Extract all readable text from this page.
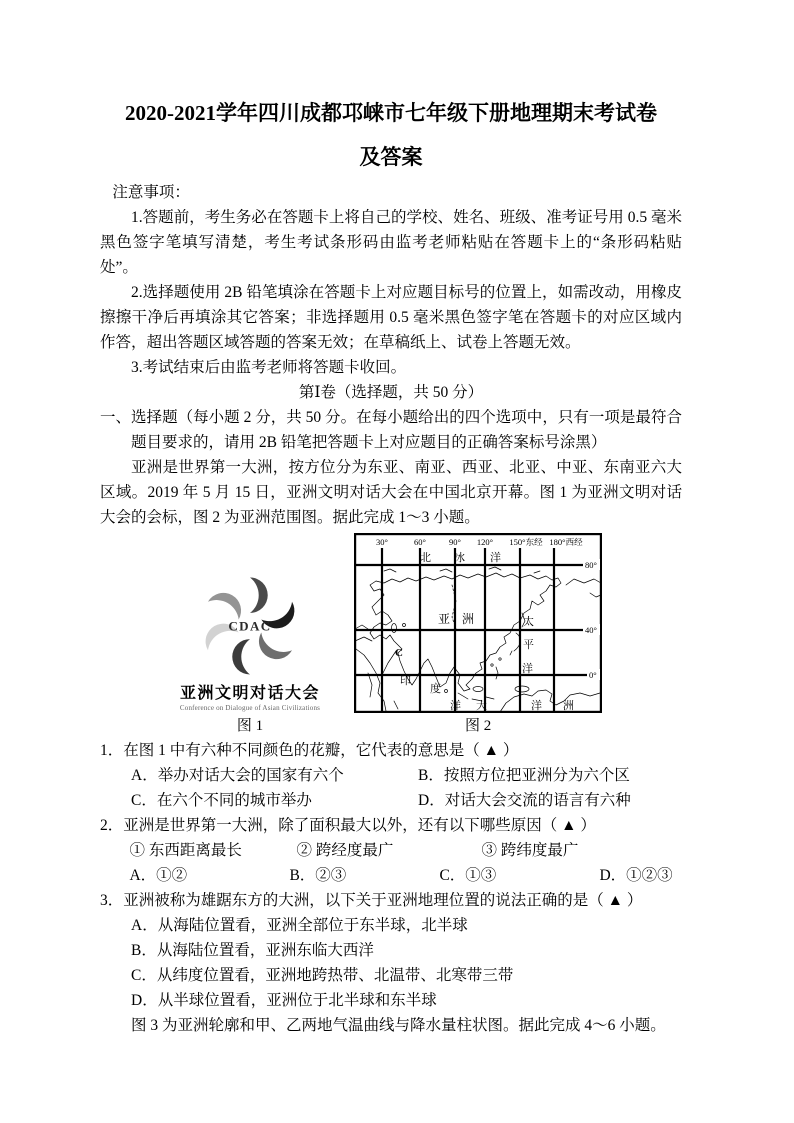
2020-2021学年四川成都邛崃市七年级下册地理期末考试卷
及答案

注意事项：

1.答题前，考生务必在答题卡上将自己的学校、姓名、班级、准考证号用 0.5 毫米黑色签字笔填写清楚，考生考试条形码由监考老师粘贴在答题卡上的“条形码粘贴处”。

2.选择题使用 2B 铅笔填涂在答题卡上对应题目标号的位置上，如需改动，用橡皮擦擦干净后再填涂其它答案；非选择题用 0.5 毫米黑色签字笔在答题卡的对应区域内作答，超出答题区域答题的答案无效；在草稿纸上、试卷上答题无效。

3.考试结束后由监考老师将答题卡收回。

第Ⅰ卷（选择题，共 50 分）

一、选择题（每小题 2 分，共 50 分。在每小题给出的四个选项中，只有一项是最符合题目要求的，请用 2B 铅笔把答题卡上对应题目的正确答案标号涂黑）

亚洲是世界第一大洲，按方位分为东亚、南亚、西亚、北亚、中亚、东南亚六大区域。2019 年 5 月 15 日，亚洲文明对话大会在中国北京开幕。图 1 为亚洲文明对话大会的会标，图 2 为亚洲范围图。据此完成 1～3 小题。

CDAC
亚洲文明对话大会
Conference on Dialogue of Asian Civilizations
图 1
30°	60°	90° 120° 150°东经 180°西经
80°
40°
0°
北 冰 洋
亚 洲	太
平
洋
印
度
洋 大	洋 洲
C
图 2

1．在图 1 中有六种不同颜色的花瓣，它代表的意思是（ ▲ ）

A．举办对话大会的国家有六个	B．按照方位把亚洲分为六个区
C．在六个不同的城市举办	D．对话大会交流的语言有六种

2．亚洲是世界第一大洲，除了面积最大以外，还有以下哪些原因（ ▲ ）

① 东西距离最长	② 跨经度最广	③ 跨纬度最广
A．①②	B．②③	C．①③	D．①②③

3．亚洲被称为雄踞东方的大洲，以下关于亚洲地理位置的说法正确的是（ ▲ ）

A．从海陆位置看，亚洲全部位于东半球，北半球

B．从海陆位置看，亚洲东临大西洋

C．从纬度位置看，亚洲地跨热带、北温带、北寒带三带

D．从半球位置看，亚洲位于北半球和东半球

图 3 为亚洲轮廓和甲、乙两地气温曲线与降水量柱状图。据此完成 4～6 小题。
